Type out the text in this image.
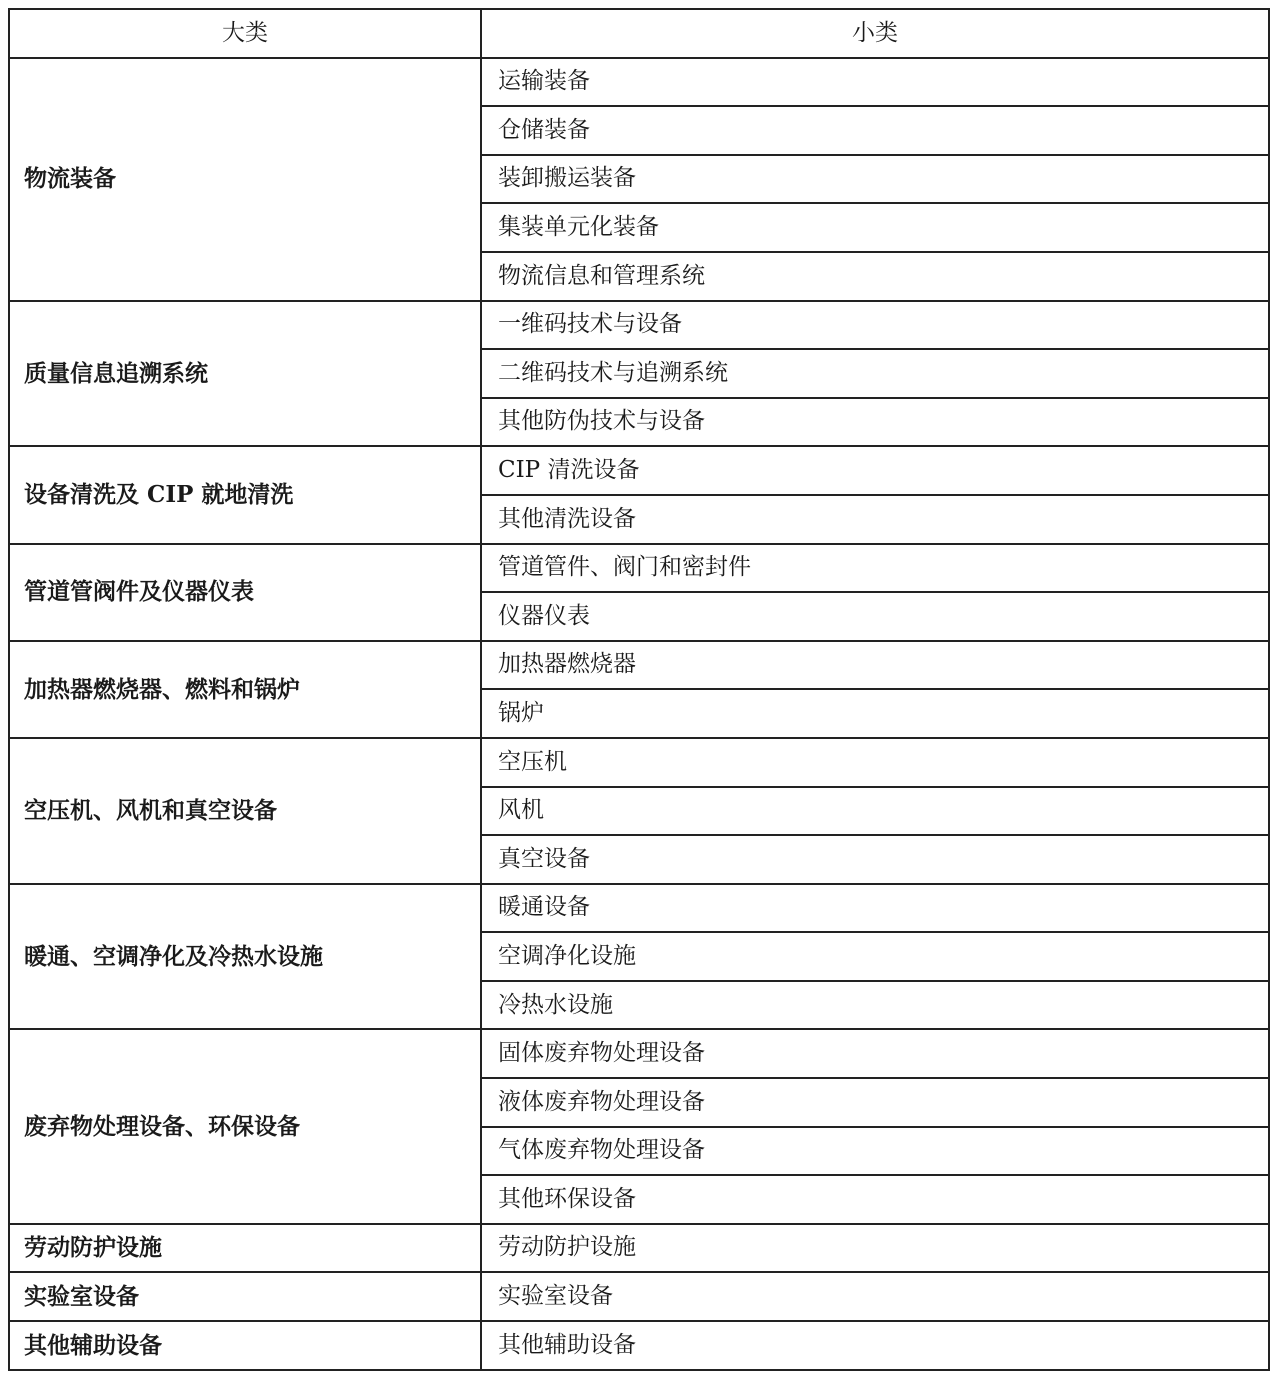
大类	小类
物流装备	运输装备
	仓储装备
	装卸搬运装备
	集装单元化装备
	物流信息和管理系统
质量信息追溯系统	一维码技术与设备
	二维码技术与追溯系统
	其他防伪技术与设备
设备清洗及 CIP 就地清洗	CIP 清洗设备
	其他清洗设备
管道管阀件及仪器仪表	管道管件、阀门和密封件
	仪器仪表
加热器燃烧器、燃料和锅炉	加热器燃烧器
	锅炉
空压机、风机和真空设备	空压机
	风机
	真空设备
暖通、空调净化及冷热水设施	暖通设备
	空调净化设施
	冷热水设施
废弃物处理设备、环保设备	固体废弃物处理设备
	液体废弃物处理设备
	气体废弃物处理设备
	其他环保设备
劳动防护设施	劳动防护设施
实验室设备	实验室设备
其他辅助设备	其他辅助设备
